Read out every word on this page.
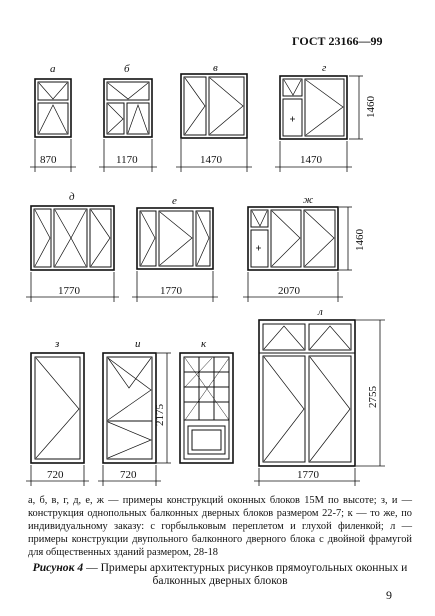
ГОСТ 23166—99
а	б	в	г
1460
870	1170	1470	1470
д	е	ж
1460
1770	1770	2070
з	и
2175
к
л
2755
720	720	1770
а, б, в, г, д, е, ж — примеры конструкций оконных блоков 15М по высоте; з, и — конструкция однопольных балконных дверных блоков размером 22-7; к — то же, по индивидуальному заказу: с горбыльковым переплетом и глухой филенкой; л — примеры конструкции двупольного балконного дверного блока с двойной фрамугой для общественных зданий размером, 28-18
Рисунок 4 — Примеры архитектурных рисунков прямоугольных оконных и балконных дверных блоков
9
